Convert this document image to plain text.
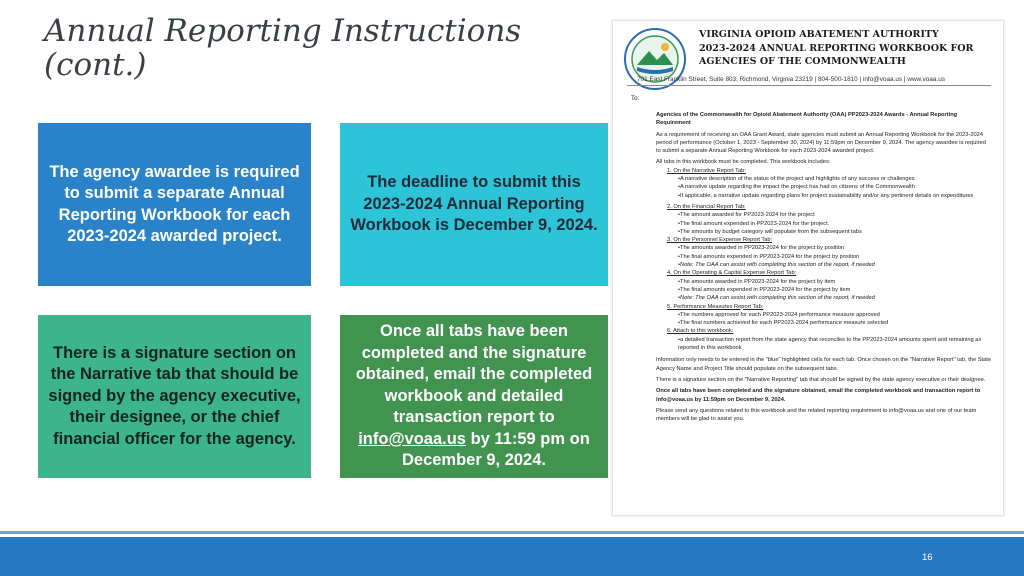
Annual Reporting Instructions
(cont.)
The agency awardee is required to submit a separate Annual Reporting Workbook for each 2023-2024 awarded project.
The deadline to submit this 2023-2024 Annual Reporting Workbook is December 9, 2024.
There is a signature section on the Narrative tab that should be signed by the agency executive, their designee, or the chief financial officer for the agency.
Once all tabs have been completed and the signature obtained, email the completed workbook and detailed transaction report to info@voaa.us by 11:59 pm on December 9, 2024.
VIRGINIA OPIOID ABATEMENT AUTHORITY
2023-2024 ANNUAL REPORTING WORKBOOK FOR
AGENCIES OF THE COMMONWEALTH
701 East Franklin Street, Suite 803, Richmond, Virginia 23219 | 804-500-1810 | info@voaa.us | www.voaa.us
To:

Agencies of the Commonwealth for Opioid Abatement Authority (OAA) PP2023-2024 Awards - Annual Reporting Requirement

As a requirement of receiving an OAA Grant Award, state agencies must submit an Annual Reporting Workbook for the 2023-2024 period of performance (October 1, 2023 - September 30, 2024) by 11:59pm on December 9, 2024. The agency awardee is required to submit a separate Annual Reporting Workbook for each 2023-2024 awarded project.

All tabs in this workbook must be completed. This workbook includes:
1. On the Narrative Report Tab:
•A narrative description of the status of the project and highlights of any success or challenges
•A narrative update regarding the impact the project has had on citizens of the Commonwealth
•If applicable, a narrative update regarding plans for project sustainability and/or any pertinent details on expenditures
2. On the Financial Report Tab:
•The amount awarded for PP2023-2024 for the project
•The final amount expended in PP2023-2024 for the project.
•The amounts by budget category will populate from the subsequent tabs
3. On the Personnel Expense Report Tab:
•The amounts awarded in PP2023-2024 for the project by position
•The final amounts expended in PP2023-2024 for the project by position
•Note: The OAA can assist with completing this section of the report, if needed
4. On the Operating & Capital Expense Report Tab:
•The amounts awarded in PP2023-2024 for the project by item
•The final amounts expended in PP2023-2024 for the project by item
•Note: The OAA can assist with completing this section of the report, if needed
5. Performance Measures Report Tab:
•The numbers approved for each PP2023-2024 performance measure approved
•The final numbers achieved for each PP2023-2024 performance measure selected
6. Attach to this workbook:
•a detailed transaction report from the state agency that reconciles to the PP2023-2024 amounts spent and remaining as reported in this workbook

Information only needs to be entered in the "blue" highlighted cells for each tab. Once chosen on the "Narrative Report" tab, the State Agency Name and Project Title should populate on the subsequent tabs.

There is a signature section on the "Narrative Reporting" tab that should be signed by the state agency executive or their designee.

Once all tabs have been completed and the signature obtained, email the completed workbook and transaction report to info@voaa.us by 11:59pm on December 9, 2024.

Please send any questions related to this workbook and the related reporting requirement to info@voaa.us and one of our team members will be glad to assist you.

16
